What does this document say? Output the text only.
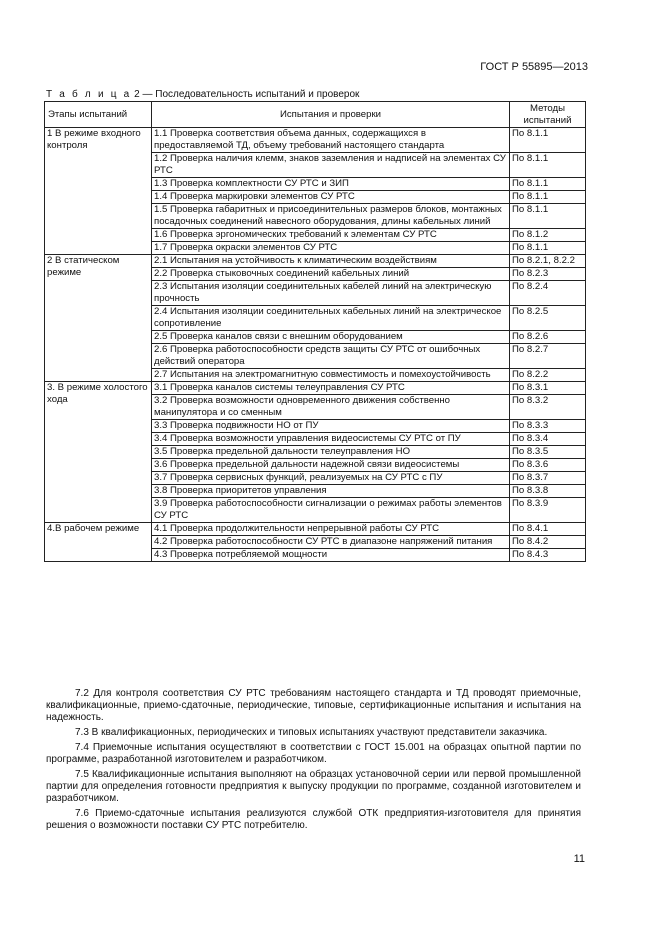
ГОСТ Р 55895—2013
Т а б л и ц а 2 — Последовательность испытаний и проверок
Этапы испытаний	Испытания и проверки	Методы испытаний
1 В режиме входного контроля	1.1 Проверка соответствия объема данных, содержащихся в предоставляемой ТД, объему требований настоящего стандарта	По 8.1.1
	1.2 Проверка наличия клемм, знаков заземления и надписей на элементах СУ РТС	По 8.1.1
	1.3 Проверка комплектности СУ РТС и ЗИП	По 8.1.1
	1.4 Проверка маркировки элементов СУ РТС	По 8.1.1
	1.5 Проверка габаритных и присоединительных размеров блоков, монтажных посадочных соединений навесного оборудования, длины кабельных линий	По 8.1.1
	1.6 Проверка эргономических требований к элементам СУ РТС	По 8.1.2
	1.7 Проверка окраски элементов СУ РТС	По 8.1.1
2 В статическом режиме	2.1 Испытания на устойчивость к климатическим воздействиям	По 8.2.1, 8.2.2
	2.2 Проверка стыковочных соединений кабельных линий	По 8.2.3
	2.3 Испытания изоляции соединительных кабелей линий на электрическую прочность	По 8.2.4
	2.4 Испытания изоляции соединительных кабельных линий на электрическое сопротивление	По 8.2.5
	2.5 Проверка каналов связи с внешним оборудованием	По 8.2.6
	2.6 Проверка работоспособности средств защиты СУ РТС от ошибочных действий оператора	По 8.2.7
	2.7 Испытания на электромагнитную совместимость и помехоустойчивость	По 8.2.2
3. В режиме холостого хода	3.1 Проверка каналов системы телеуправления СУ РТС	По 8.3.1
	3.2 Проверка возможности одновременного движения собственно манипулятора и со сменным	По 8.3.2
	3.3 Проверка подвижности НО от ПУ	По 8.3.3
	3.4 Проверка возможности управления видеосистемы СУ РТС от ПУ	По 8.3.4
	3.5 Проверка предельной дальности телеуправления НО	По 8.3.5
	3.6 Проверка предельной дальности надежной связи видеосистемы	По 8.3.6
	3.7 Проверка сервисных функций, реализуемых на СУ РТС с ПУ	По 8.3.7
	3.8 Проверка приоритетов управления	По 8.3.8
	3.9 Проверка работоспособности сигнализации о режимах работы элементов СУ РТС	По 8.3.9
4.В рабочем режиме	4.1 Проверка продолжительности непрерывной работы СУ РТС	По 8.4.1
	4.2 Проверка работоспособности СУ РТС в диапазоне напряжений питания	По 8.4.2
	4.3 Проверка потребляемой мощности	По 8.4.3

7.2 Для контроля соответствия СУ РТС требованиям настоящего стандарта и ТД проводят приемочные, квалификационные, приемо-сдаточные, периодические, типовые, сертификационные испытания и испытания на надежность.

7.3 В квалификационных, периодических и типовых испытаниях участвуют представители заказчика.

7.4 Приемочные испытания осуществляют в соответствии с ГОСТ 15.001 на образцах опытной партии по программе, разработанной изготовителем и разработчиком.

7.5 Квалификационные испытания выполняют на образцах установочной серии или первой промышленной партии для определения готовности предприятия к выпуску продукции по программе, созданной изготовителем и разработчиком.

7.6 Приемо-сдаточные испытания реализуются службой ОТК предприятия-изготовителя для принятия решения о возможности поставки СУ РТС потребителю.

11
